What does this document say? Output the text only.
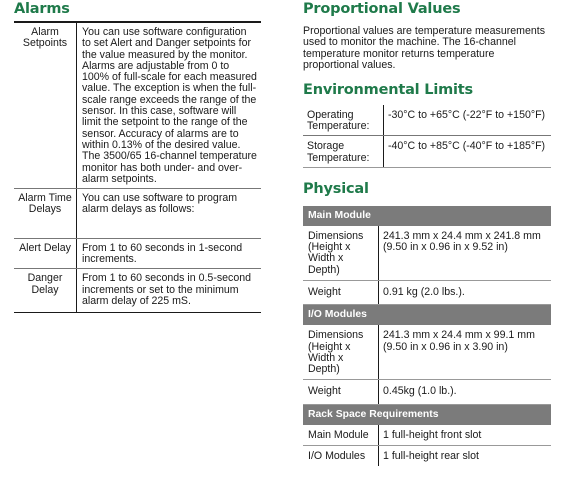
Alarms
Alarm Setpoints	You can use software configuration to set Alert and Danger setpoints for the value measured by the monitor. Alarms are adjustable from 0 to 100% of full-scale for each measured value. The exception is when the full-scale range exceeds the range of the sensor. In this case, software will limit the setpoint to the range of the sensor. Accuracy of alarms are to within 0.13% of the desired value. The 3500/65 16-channel temperature monitor has both under- and over-alarm setpoints.
Alarm Time Delays	You can use software to program alarm delays as follows:
Alert Delay	From 1 to 60 seconds in 1-second increments.
Danger Delay	From 1 to 60 seconds in 0.5-second increments or set to the minimum alarm delay of 225 mS.
Proportional Values
Proportional values are temperature measurements used to monitor the machine. The 16-channel temperature monitor returns temperature proportional values.
Environmental Limits
Operating Temperature:	-30°C to +65°C (-22°F to +150°F)
Storage Temperature:	-40°C to +85°C (-40°F to +185°F)
Physical
Main Module	
Dimensions (Height x Width x Depth)	241.3 mm x 24.4 mm x 241.8 mm (9.50 in x 0.96 in x 9.52 in)
Weight	0.91 kg (2.0 lbs.).
I/O Modules	
Dimensions (Height x Width x Depth)	241.3 mm x 24.4 mm x 99.1 mm (9.50 in x 0.96 in x 3.90 in)
Weight	0.45kg (1.0 lb.).
Rack Space Requirements	
Main Module	1 full-height front slot
I/O Modules	1 full-height rear slot
